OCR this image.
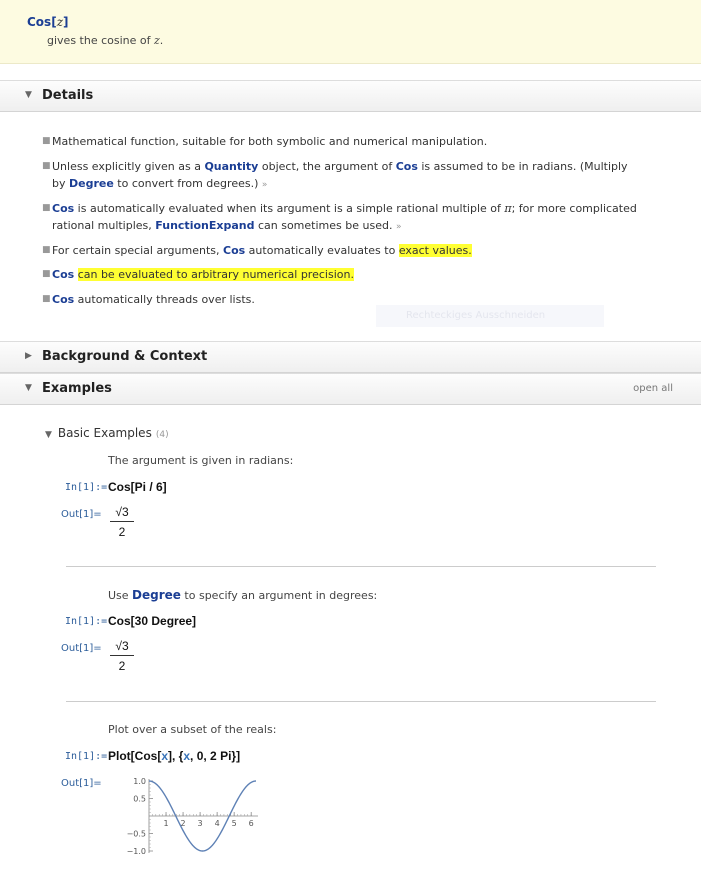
Cos[z]
gives the cosine of z.
▼ Details
■ Mathematical function, suitable for both symbolic and numerical manipulation.
■ Unless explicitly given as a Quantity object, the argument of Cos is assumed to be in radians. (Multiply
by Degree to convert from degrees.) »
■ Cos is automatically evaluated when its argument is a simple rational multiple of π; for more complicated
rational multiples, FunctionExpand can sometimes be used. »
■ For certain special arguments, Cos automatically evaluates to exact values.
■ Cos can be evaluated to arbitrary numerical precision.
■ Cos automatically threads over lists.
Rechteckiges Ausschneiden
▶ Background & Context
▼ Examples	open all
▼ Basic Examples (4)
The argument is given in radians:
In[1]:= Cos[Pi / 6]
$Out[1]= \frac{√3}{2}$
Use Degree to specify an argument in degrees:
In[1]:= Cos[30 Degree]
$Out[1]= \frac{√3}{2}$
Plot over a subset of the reals:
In[1]:= Plot[Cos[x], {x, 0, 2 Pi}]
Out[1]=
1 2 3 4 5 6
1.0
0.5
−0.5
−1.0
